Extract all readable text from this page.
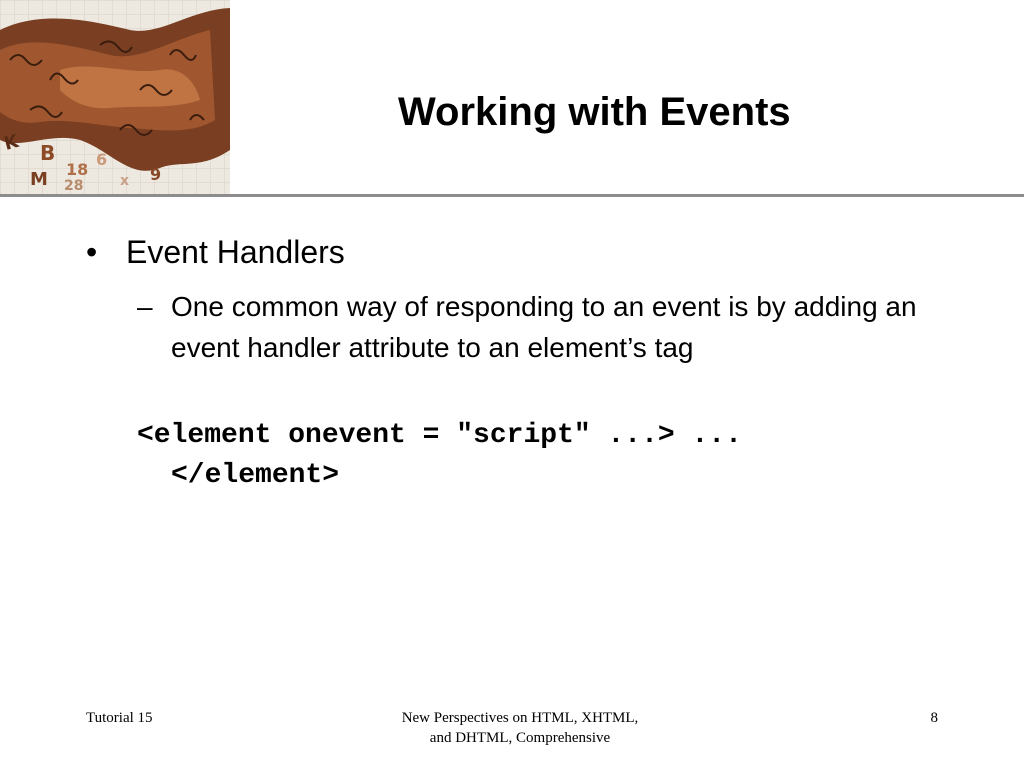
K B
18
M
6
28	x 9
Working with Events
• Event Handlers
– One common way of responding to an event is by adding an event handler attribute to an element’s tag
<element onevent = "script" ...> ...
</element>
Tutorial 15	New Perspectives on HTML, XHTML,
and DHTML, Comprehensive
8
